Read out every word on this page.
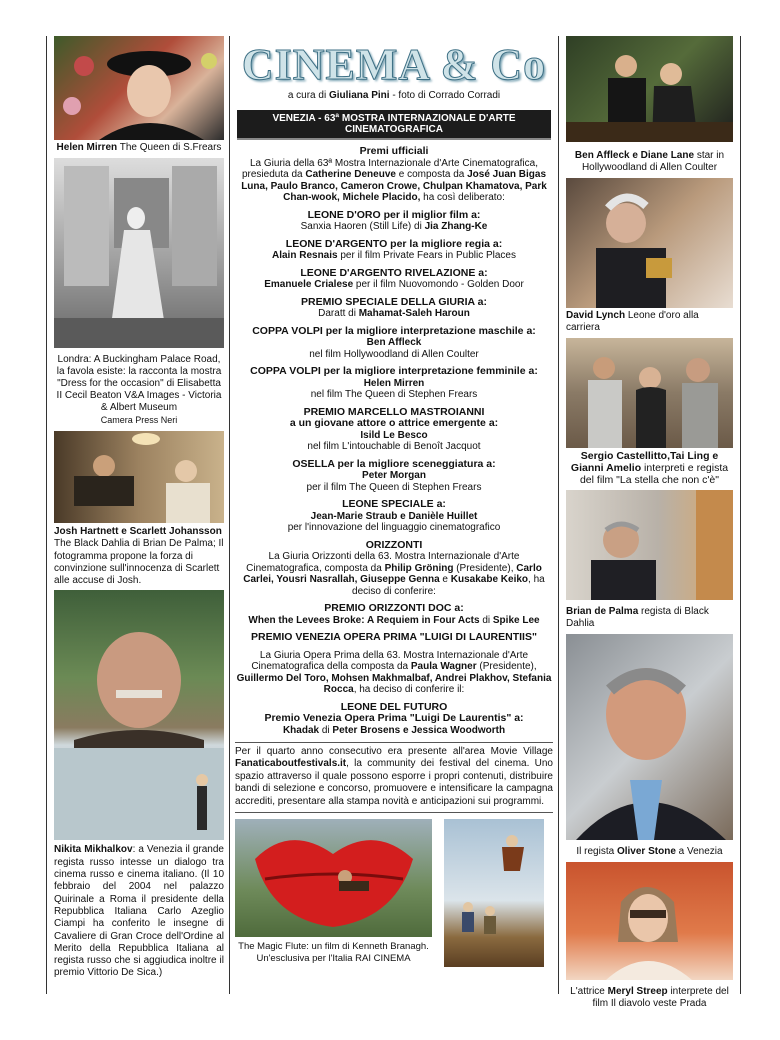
Helen Mirren The Queen di S.Frears

Londra: A Buckingham Palace Road, la favola esiste: la racconta la mostra "Dress for the occasion" di Elisabetta II Cecil Beaton V&A Images - Victoria & Albert Museum
Camera Press Neri

Josh Hartnett e Scarlett Johansson
The Black Dahlia di Brian De Palma; Il fotogramma propone la forza di convinzione sull'innocenza di Scarlett alle accuse di Josh.

Nikita Mikhalkov: a Venezia il grande regista russo intesse un dialogo tra cinema russo e cinema italiano. (Il 10 febbraio del 2004 nel palazzo Quirinale a Roma il presidente della Repubblica Italiana Carlo Azeglio Ciampi ha conferito le insegne di Cavaliere di Gran Croce dell'Ordine al Merito della Repubblica Italiana al regista russo che si aggiudica inoltre il premio Vittorio De Sica.)

CINEMA & Co
a cura di Giuliana Pini - foto di Corrado Corradi
VENEZIA - 63ª MOSTRA INTERNAZIONALE D'ARTE CINEMATOGRAFICA
Premi ufficiali
La Giuria della 63ª Mostra Internazionale d'Arte Cinematografica, presieduta da Catherine Deneuve e composta da José Juan Bigas Luna, Paulo Branco, Cameron Crowe, Chulpan Khamatova, Park Chan-wook, Michele Placido, ha così deliberato:
LEONE D'ORO per il miglior film a:
Sanxia Haoren (Still Life) di Jia Zhang-Ke
LEONE D'ARGENTO per la migliore regia a:
Alain Resnais per il film Private Fears in Public Places
LEONE D'ARGENTO RIVELAZIONE a:
Emanuele Crialese per il film Nuovomondo - Golden Door
PREMIO SPECIALE DELLA GIURIA a:
Daratt di Mahamat-Saleh Haroun
COPPA VOLPI per la migliore interpretazione maschile a:
Ben Affleck
nel film Hollywoodland di Allen Coulter
COPPA VOLPI per la migliore interpretazione femminile a:
Helen Mirren
nel film The Queen di Stephen Frears
PREMIO MARCELLO MASTROIANNI
a un giovane attore o attrice emergente a:
Isild Le Besco
nel film L'intouchable di Benoît Jacquot
OSELLA per la migliore sceneggiatura a:
Peter Morgan
per il film The Queen di Stephen Frears
LEONE SPECIALE a:
Jean-Marie Straub e Danièle Huillet
per l'innovazione del linguaggio cinematografico
ORIZZONTI
La Giuria Orizzonti della 63. Mostra Internazionale d'Arte Cinematografica, composta da Philip Gröning (Presidente), Carlo Carlei, Yousri Nasrallah, Giuseppe Genna e Kusakabe Keiko, ha deciso di conferire:
PREMIO ORIZZONTI DOC a:
When the Levees Broke: A Requiem in Four Acts di Spike Lee
PREMIO VENEZIA OPERA PRIMA "LUIGI DI LAURENTIIS"
La Giuria Opera Prima della 63. Mostra Internazionale d'Arte Cinematografica della composta da Paula Wagner (Presidente), Guillermo Del Toro, Mohsen Makhmalbaf, Andrei Plakhov, Stefania Rocca, ha deciso di conferire il:
LEONE DEL FUTURO
Premio Venezia Opera Prima "Luigi De Laurentis" a:
Khadak di Peter Brosens e Jessica Woodworth
Per il quarto anno consecutivo era presente all'area Movie Village Fanaticaboutfestivals.it, la community dei festival del cinema. Uno spazio attraverso il quale possono esporre i propri contenuti, distribuire bandi di selezione e concorso, promuovere e intensificare la campagna accrediti, presentare alla stampa novità e anticipazioni sui programmi.
The Magic Flute: un film di Kenneth Branagh.
Un'esclusiva per l'Italia RAI CINEMA

Ben Affleck e Diane Lane star in Hollywoodland di Allen Coulter

David Lynch Leone d'oro alla carriera

Sergio Castellitto,Tai Ling e Gianni Amelio interpreti e regista del film "La stella che non c'è"

Brian de Palma regista di Black Dahlia

Il regista Oliver Stone a Venezia

L'attrice Meryl Streep interprete del film Il diavolo veste Prada
